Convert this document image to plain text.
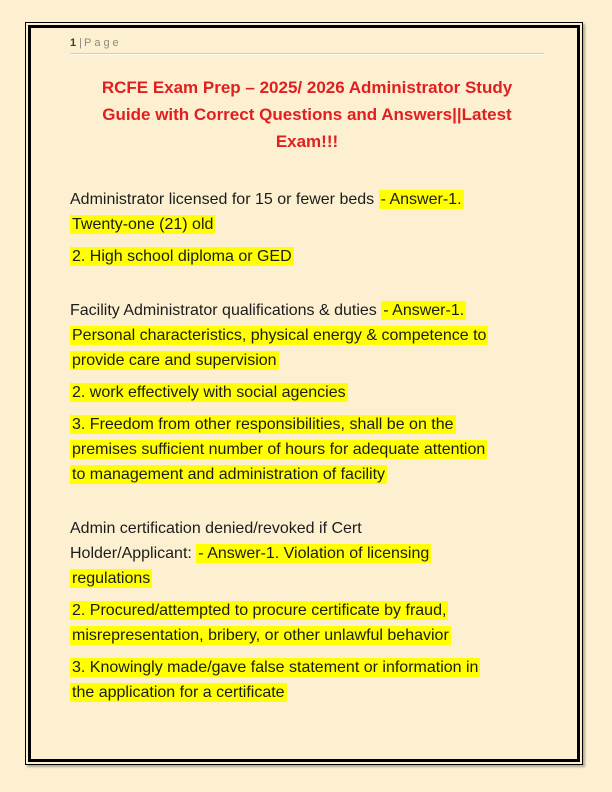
1 | Page
RCFE Exam Prep – 2025/ 2026 Administrator Study
Guide with Correct Questions and Answers||Latest
Exam!!!

Administrator licensed for 15 or fewer beds - Answer-1.
Twenty-one (21) old

2. High school diploma or GED

Facility Administrator qualifications & duties - Answer-1.
Personal characteristics, physical energy & competence to
provide care and supervision

2. work effectively with social agencies

3. Freedom from other responsibilities, shall be on the
premises sufficient number of hours for adequate attention
to management and administration of facility

Admin certification denied/revoked if Cert
Holder/Applicant: - Answer-1. Violation of licensing
regulations

2. Procured/attempted to procure certificate by fraud,
misrepresentation, bribery, or other unlawful behavior

3. Knowingly made/gave false statement or information in
the application for a certificate
